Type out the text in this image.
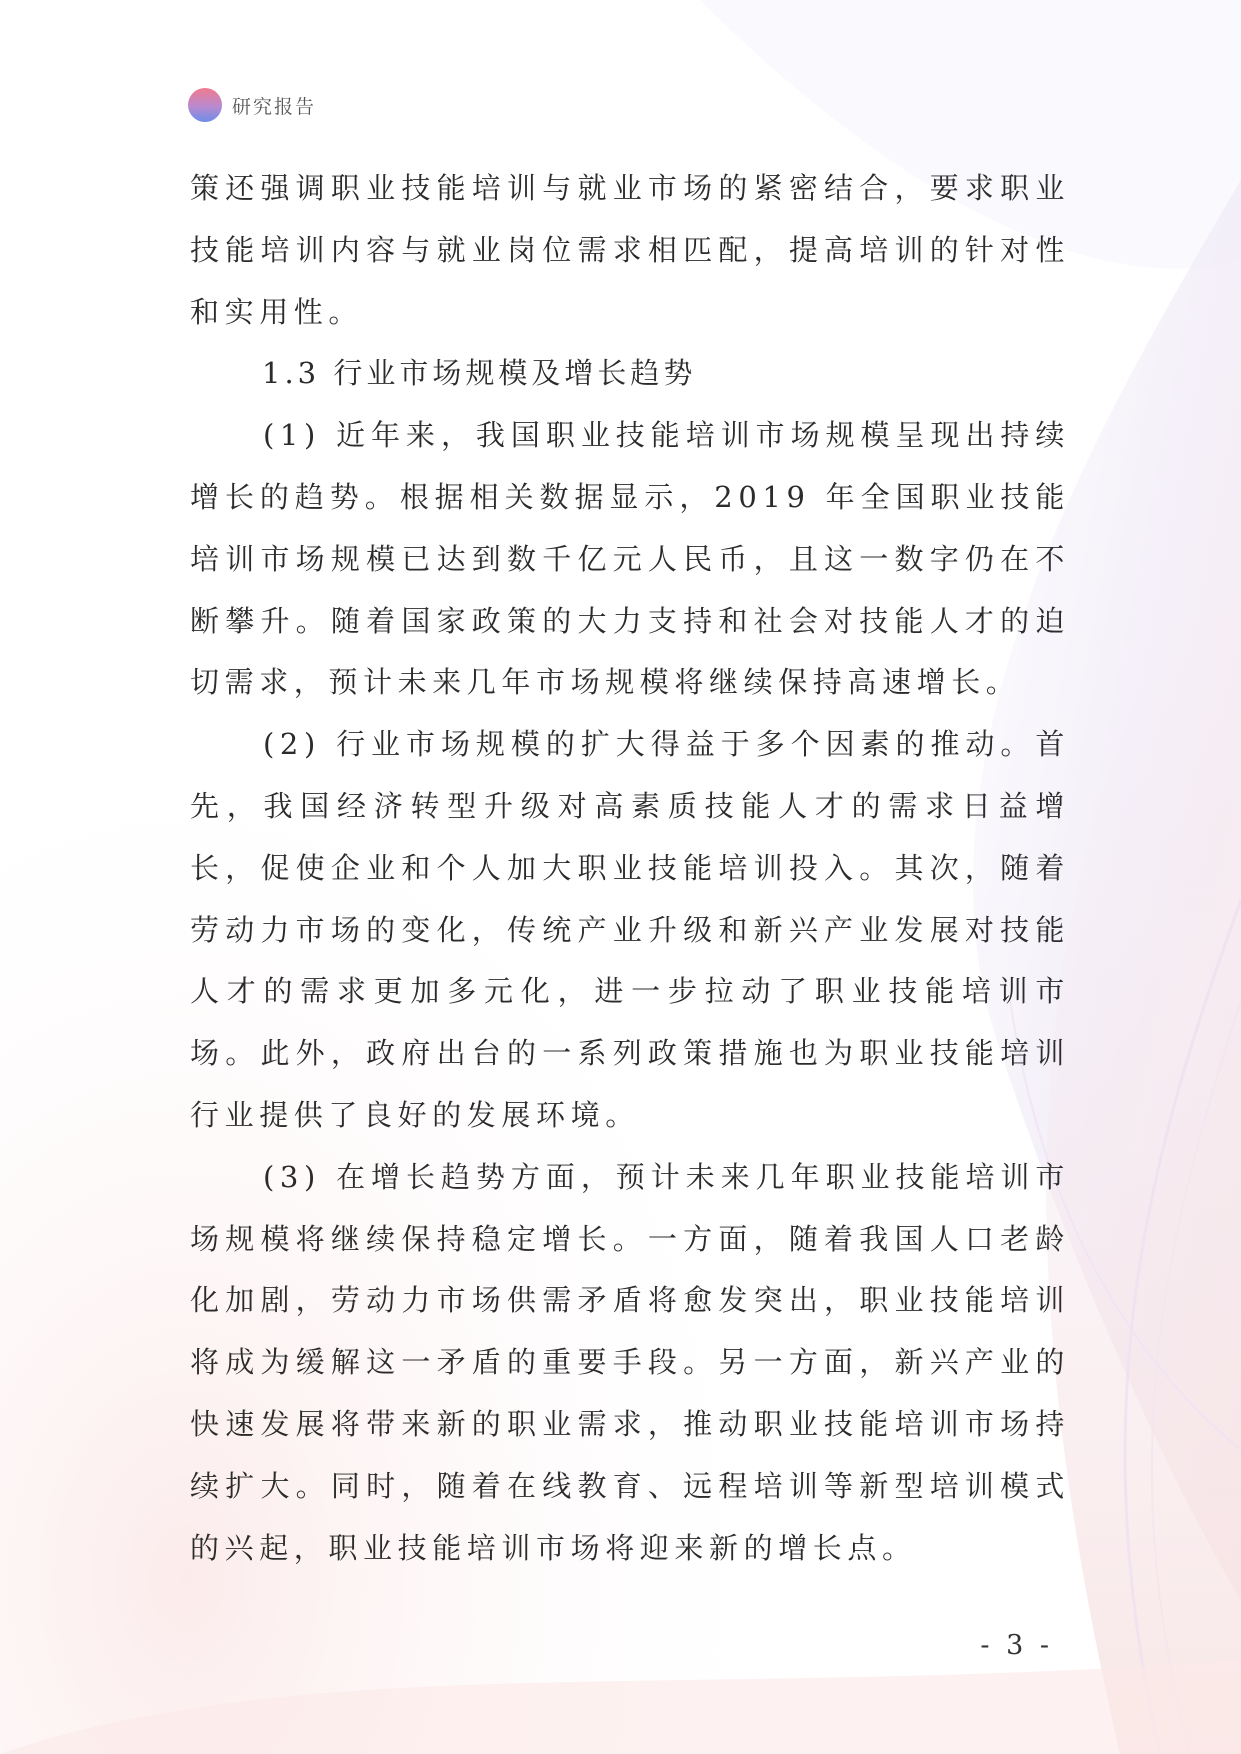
研究报告

策还强调职业技能培训与就业市场的紧密结合，要求职业技能培训内容与就业岗位需求相匹配，提高培训的针对性和实用性。

1.3 行业市场规模及增长趋势

(1) 近年来，我国职业技能培训市场规模呈现出持续增长的趋势。根据相关数据显示，2019 年全国职业技能培训市场规模已达到数千亿元人民币，且这一数字仍在不断攀升。随着国家政策的大力支持和社会对技能人才的迫切需求，预计未来几年市场规模将继续保持高速增长。

(2) 行业市场规模的扩大得益于多个因素的推动。首先，我国经济转型升级对高素质技能人才的需求日益增长，促使企业和个人加大职业技能培训投入。其次，随着劳动力市场的变化，传统产业升级和新兴产业发展对技能人才的需求更加多元化，进一步拉动了职业技能培训市场。此外，政府出台的一系列政策措施也为职业技能培训行业提供了良好的发展环境。

(3) 在增长趋势方面，预计未来几年职业技能培训市场规模将继续保持稳定增长。一方面，随着我国人口老龄化加剧，劳动力市场供需矛盾将愈发突出，职业技能培训将成为缓解这一矛盾的重要手段。另一方面，新兴产业的快速发展将带来新的职业需求，推动职业技能培训市场持续扩大。同时，随着在线教育、远程培训等新型培训模式的兴起，职业技能培训市场将迎来新的增长点。

- 3 -
